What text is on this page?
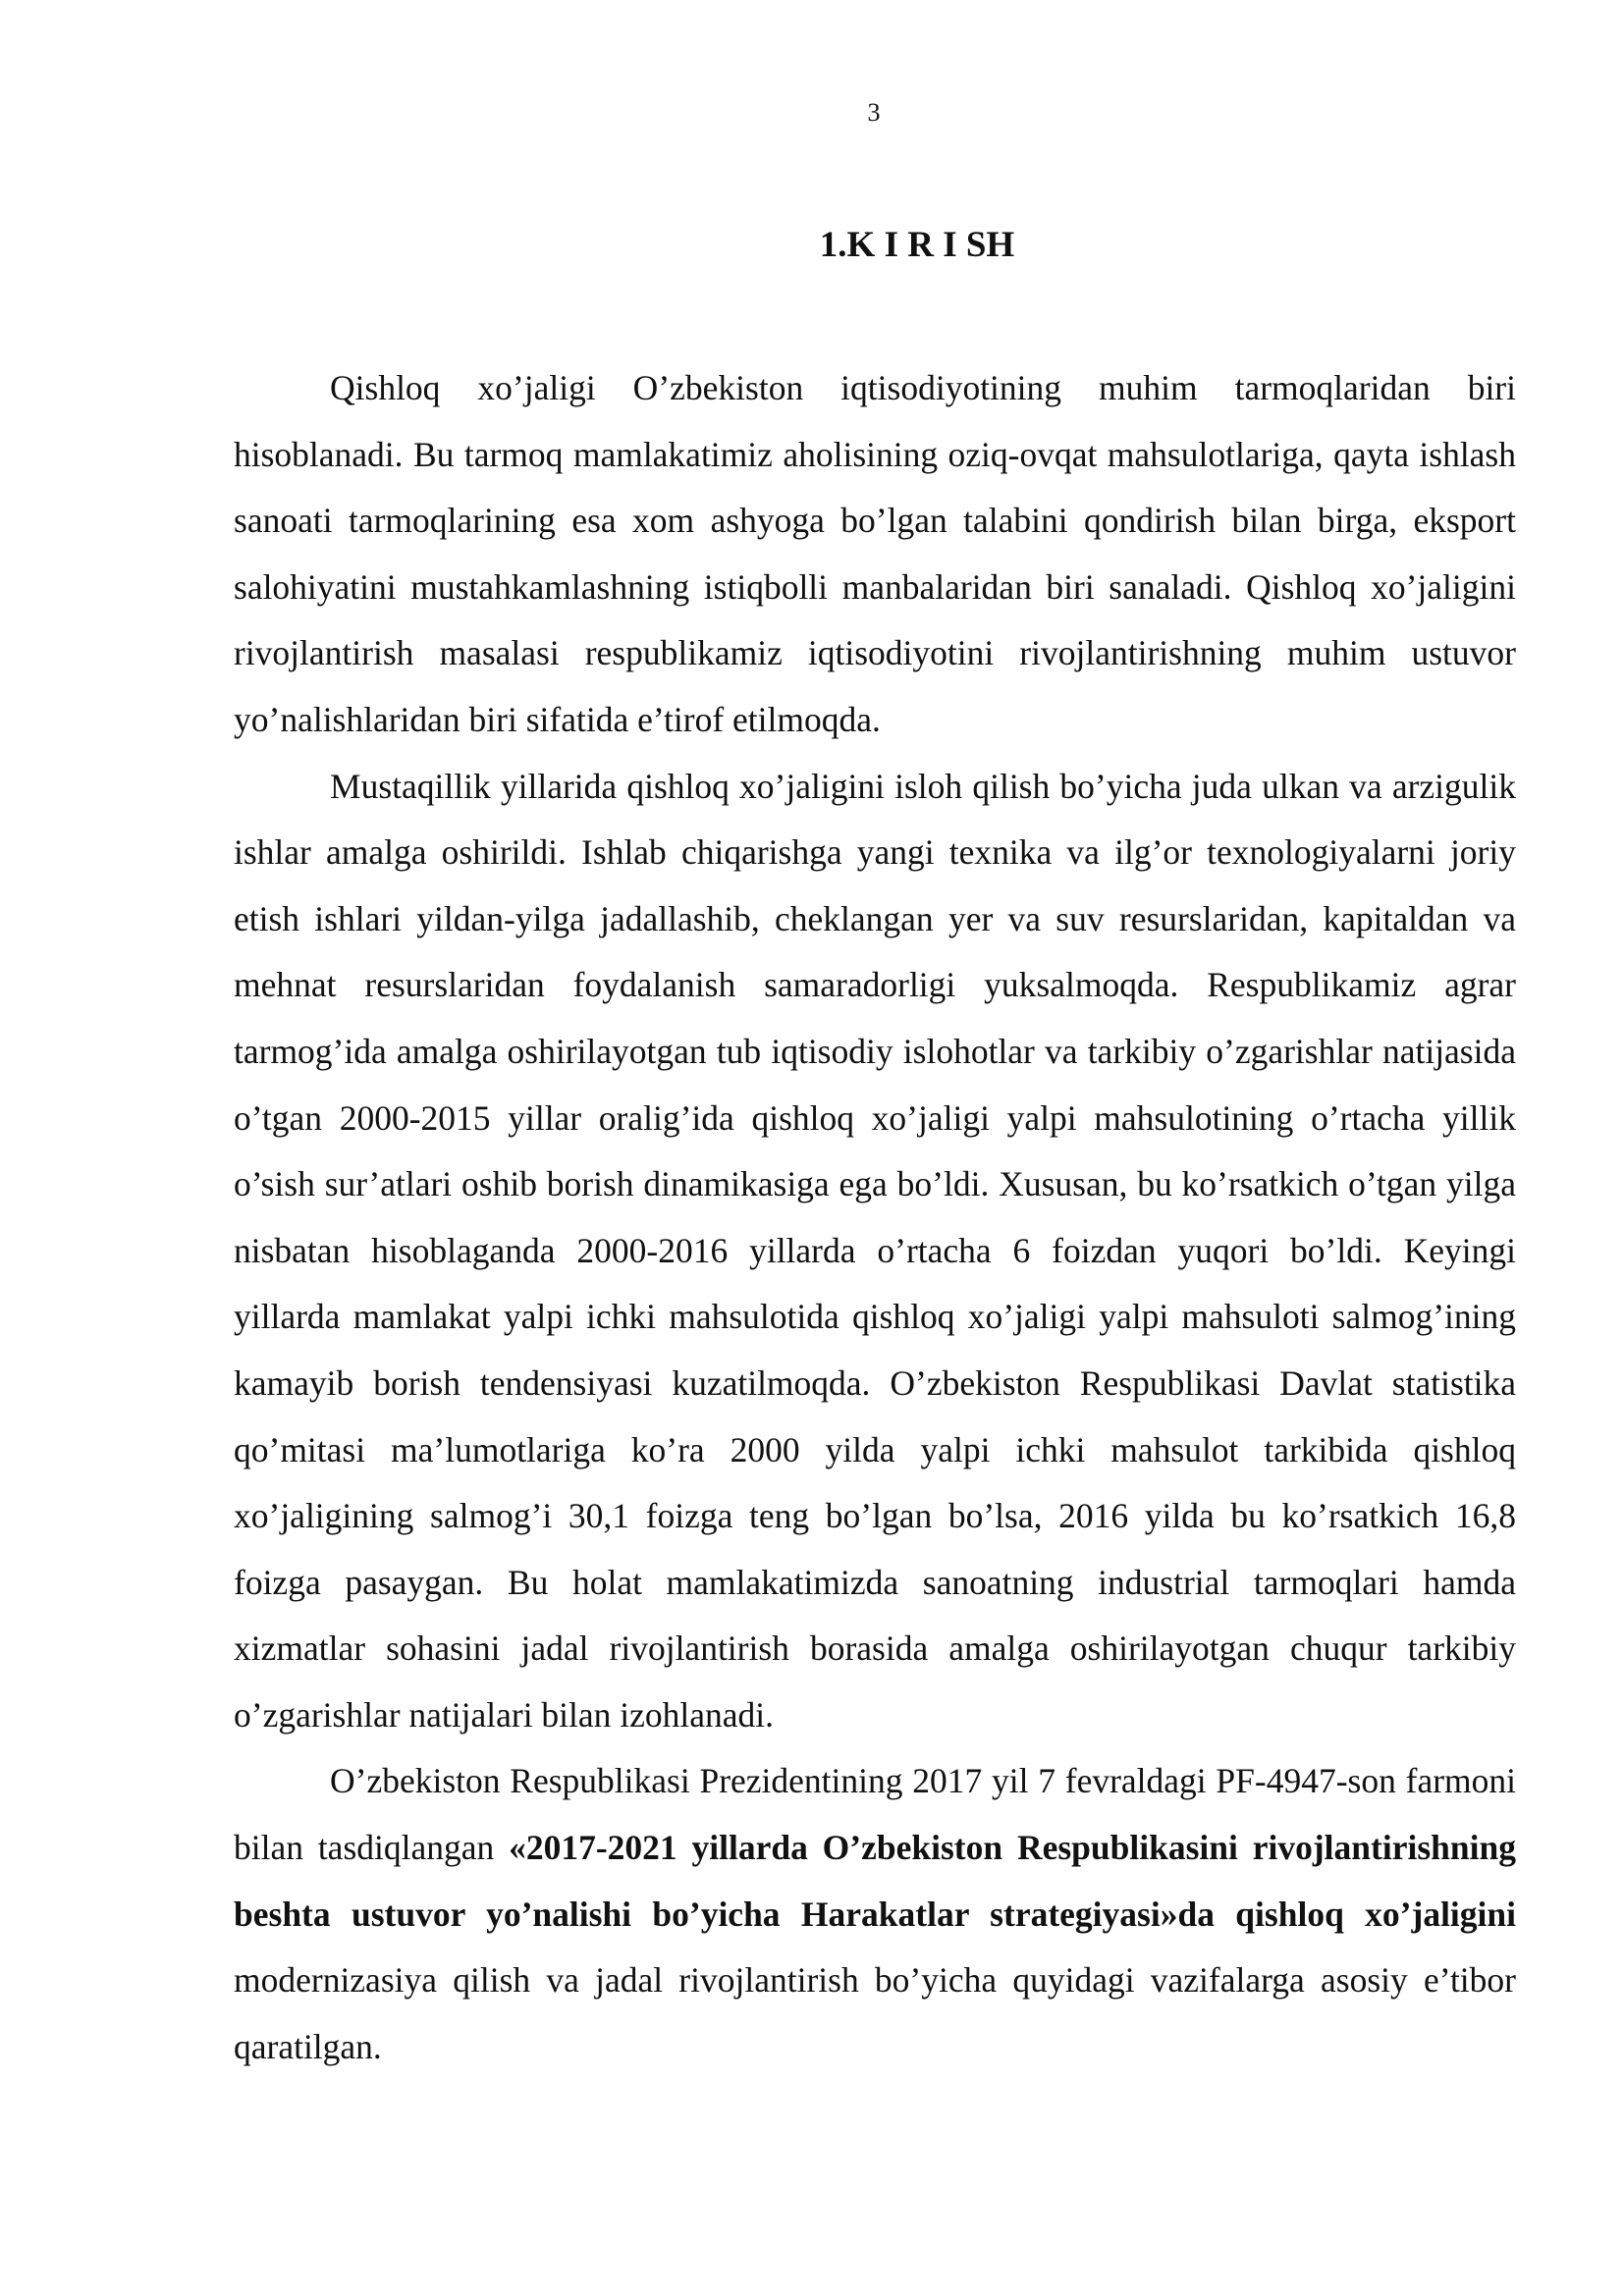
3
1.K I R I SH

Qishloq xo’jaligi O’zbekiston iqtisodiyotining muhim tarmoqlaridan biri hisoblanadi. Bu tarmoq mamlakatimiz aholisining oziq-ovqat mahsulotlariga, qayta ishlash sanoati tarmoqlarining esa xom ashyoga bo’lgan talabini qondirish bilan birga, eksport salohiyatini mustahkamlashning istiqbolli manbalaridan biri sanaladi. Qishloq xo’jaligini rivojlantirish masalasi respublikamiz iqtisodiyotini rivojlantirishning muhim ustuvor yo’nalishlaridan biri sifatida e’tirof etilmoqda.

Mustaqillik yillarida qishloq xo’jaligini isloh qilish bo’yicha juda ulkan va arzigulik ishlar amalga oshirildi. Ishlab chiqarishga yangi texnika va ilg’or texnologiyalarni joriy etish ishlari yildan-yilga jadallashib, cheklangan yer va suv resurslaridan, kapitaldan va mehnat resurslaridan foydalanish samaradorligi yuksalmoqda. Respublikamiz agrar tarmog’ida amalga oshirilayotgan tub iqtisodiy islohotlar va tarkibiy o’zgarishlar natijasida o’tgan 2000-2015 yillar oralig’ida qishloq xo’jaligi yalpi mahsulotining o’rtacha yillik o’sish sur’atlari oshib borish dinamikasiga ega bo’ldi. Xususan, bu ko’rsatkich o’tgan yilga nisbatan hisoblaganda 2000-2016 yillarda o’rtacha 6 foizdan yuqori bo’ldi. Keyingi yillarda mamlakat yalpi ichki mahsulotida qishloq xo’jaligi yalpi mahsuloti salmog’ining kamayib borish tendensiyasi kuzatilmoqda. O’zbekiston Respublikasi Davlat statistika qo’mitasi ma’lumotlariga ko’ra 2000 yilda yalpi ichki mahsulot tarkibida qishloq xo’jaligining salmog’i 30,1 foizga teng bo’lgan bo’lsa, 2016 yilda bu ko’rsatkich 16,8 foizga pasaygan. Bu holat mamlakatimizda sanoatning industrial tarmoqlari hamda xizmatlar sohasini jadal rivojlantirish borasida amalga oshirilayotgan chuqur tarkibiy o’zgarishlar natijalari bilan izohlanadi.

O’zbekiston Respublikasi Prezidentining 2017 yil 7 fevraldagi PF-4947-son farmoni bilan tasdiqlangan «2017-2021 yillarda O’zbekiston Respublikasini rivojlantirishning beshta ustuvor yo’nalishi bo’yicha Harakatlar strategiyasi»da qishloq xo’jaligini modernizasiya qilish va jadal rivojlantirish bo’yicha quyidagi vazifalarga asosiy e’tibor qaratilgan.
